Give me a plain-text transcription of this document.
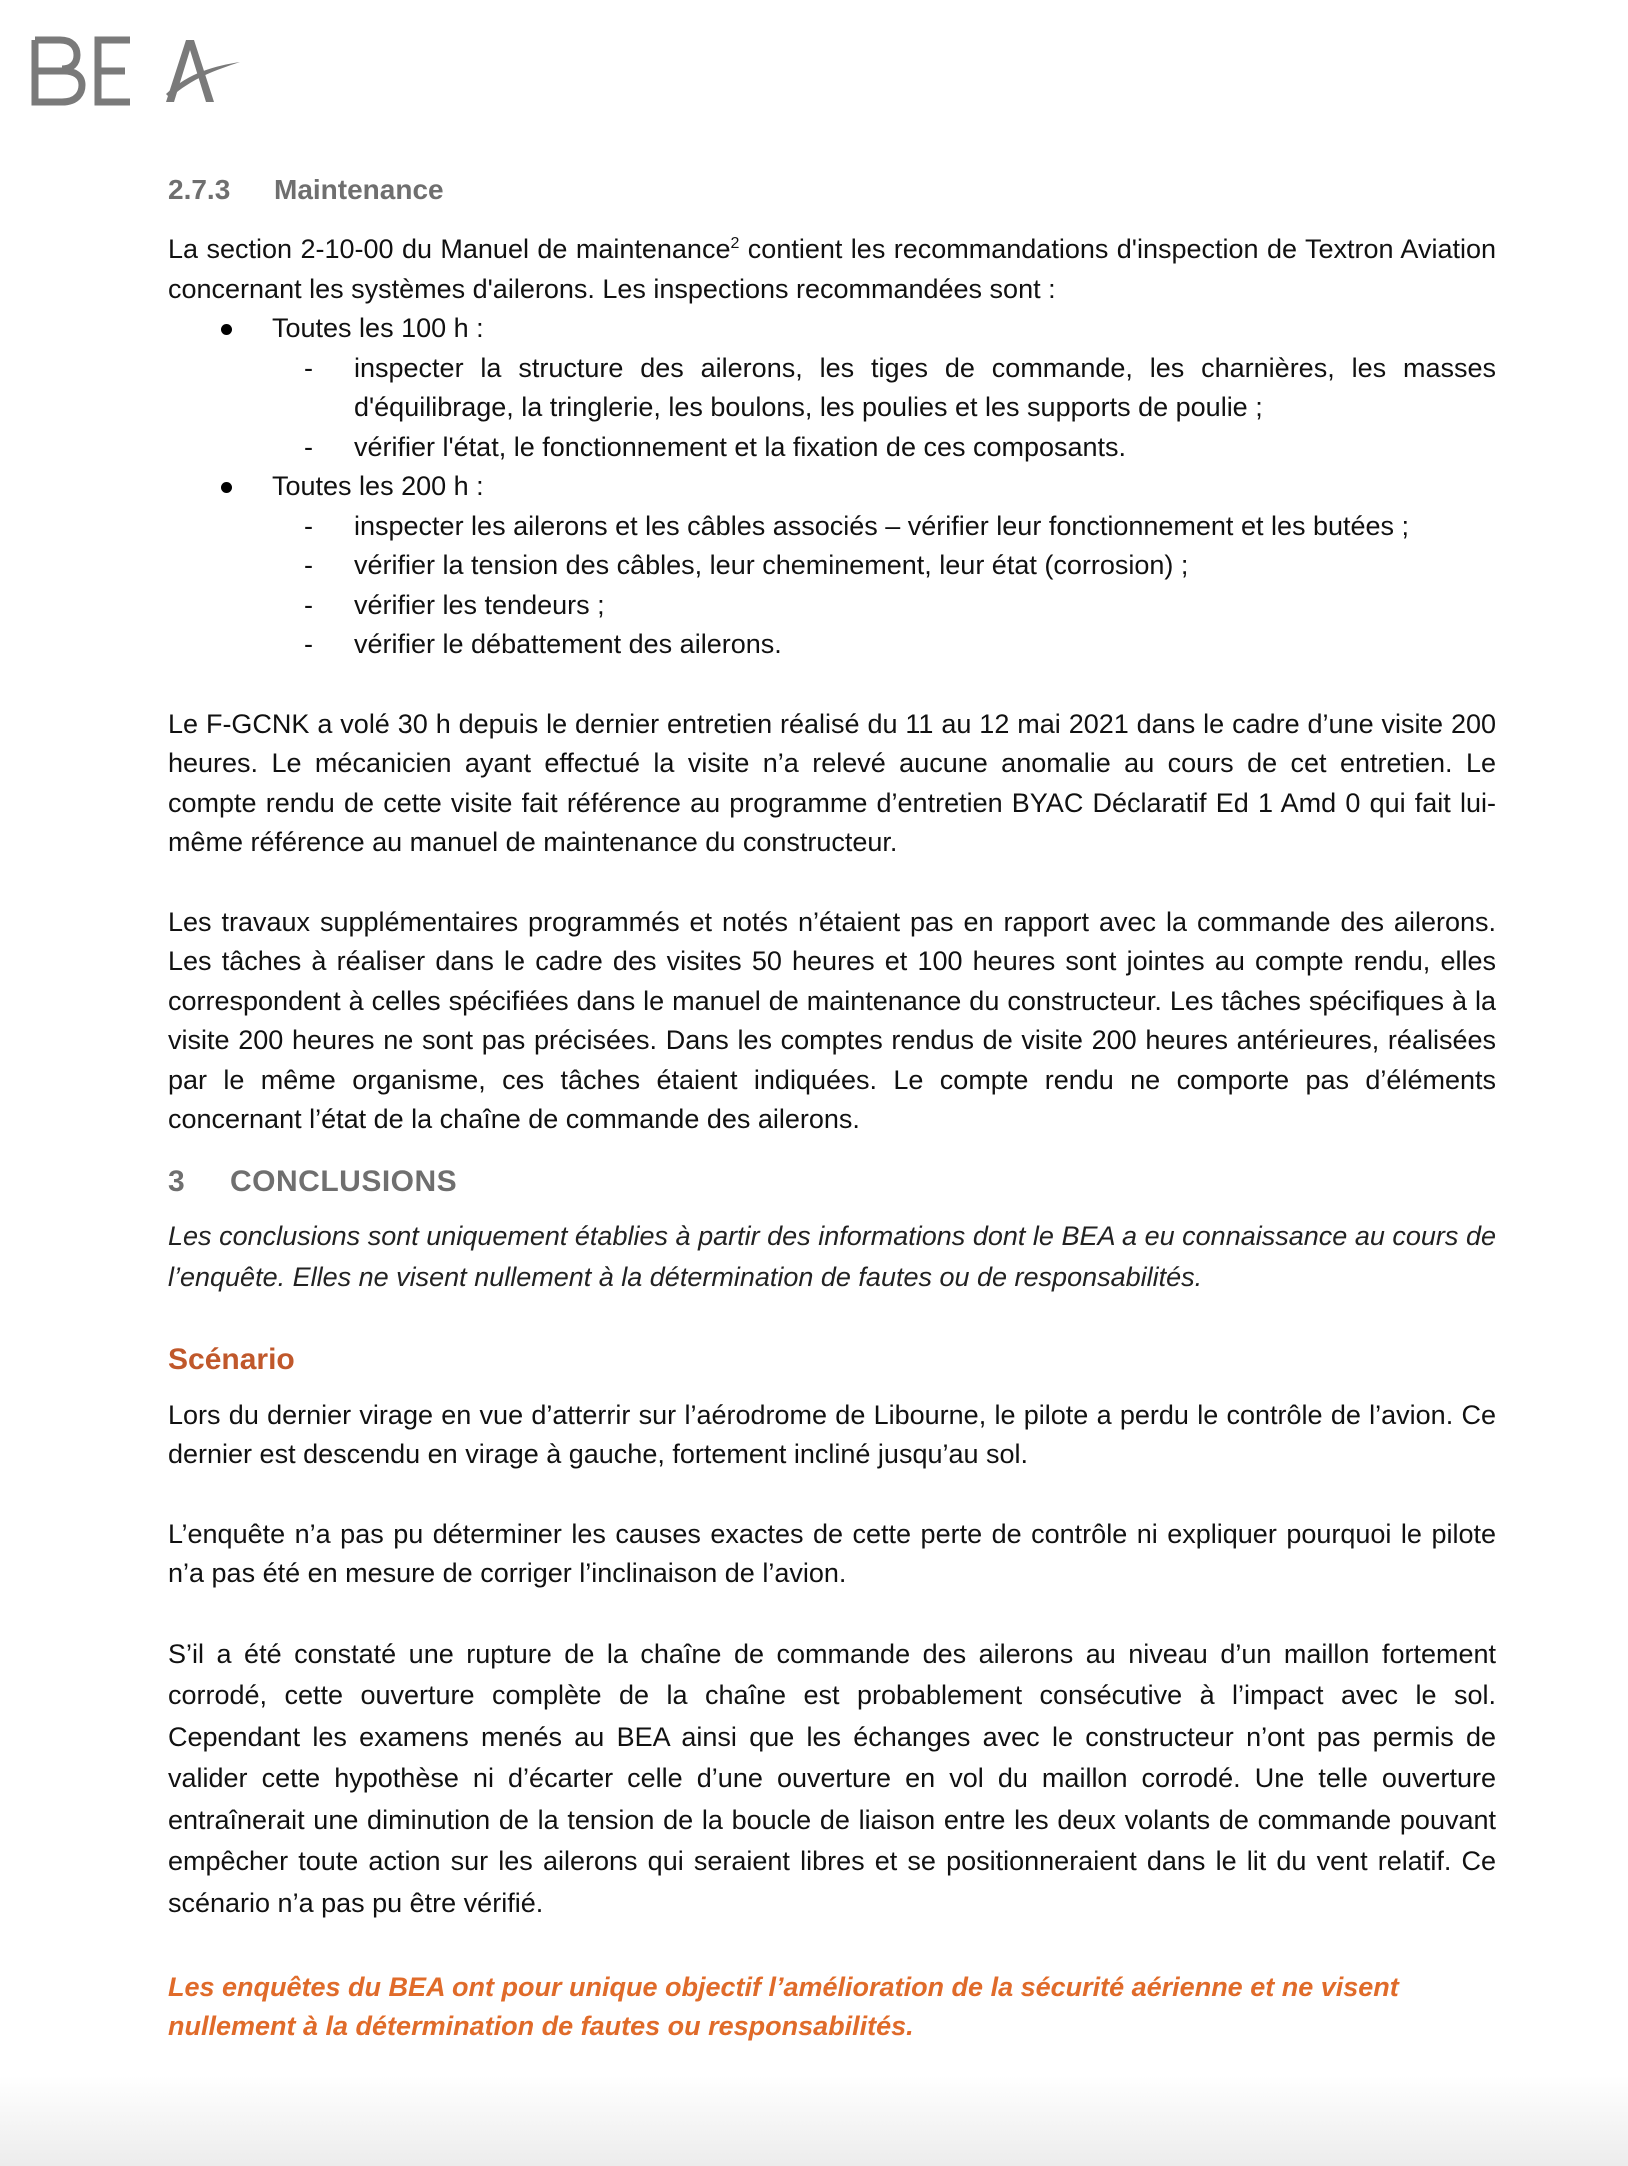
2.7.3	Maintenance

La section 2-10-00 du Manuel de maintenance$^2$ contient les recommandations d'inspection de Textron Aviation concernant les systèmes d'ailerons. Les inspections recommandées sont :

Toutes les 100 h :
- inspecter la structure des ailerons, les tiges de commande, les charnières, les masses d'équilibrage, la tringlerie, les boulons, les poulies et les supports de poulie ;
- vérifier l'état, le fonctionnement et la fixation de ces composants.
Toutes les 200 h :
- inspecter les ailerons et les câbles associés – vérifier leur fonctionnement et les butées ;
- vérifier la tension des câbles, leur cheminement, leur état (corrosion) ;
- vérifier les tendeurs ;
- vérifier le débattement des ailerons.

Le F-GCNK a volé 30 h depuis le dernier entretien réalisé du 11 au 12 mai 2021 dans le cadre d’une visite 200 heures. Le mécanicien ayant effectué la visite n’a relevé aucune anomalie au cours de cet entretien. Le compte rendu de cette visite fait référence au programme d’entretien BYAC Déclaratif Ed 1 Amd 0 qui fait lui-même référence au manuel de maintenance du constructeur.

Les travaux supplémentaires programmés et notés n’étaient pas en rapport avec la commande des ailerons. Les tâches à réaliser dans le cadre des visites 50 heures et 100 heures sont jointes au compte rendu, elles correspondent à celles spécifiées dans le manuel de maintenance du constructeur. Les tâches spécifiques à la visite 200 heures ne sont pas précisées. Dans les comptes rendus de visite 200 heures antérieures, réalisées par le même organisme, ces tâches étaient indiquées. Le compte rendu ne comporte pas d’éléments concernant l’état de la chaîne de commande des ailerons.

3	CONCLUSIONS

Les conclusions sont uniquement établies à partir des informations dont le BEA a eu connaissance au cours de l’enquête. Elles ne visent nullement à la détermination de fautes ou de responsabilités.

Scénario

Lors du dernier virage en vue d’atterrir sur l’aérodrome de Libourne, le pilote a perdu le contrôle de l’avion. Ce dernier est descendu en virage à gauche, fortement incliné jusqu’au sol.

L’enquête n’a pas pu déterminer les causes exactes de cette perte de contrôle ni expliquer pourquoi le pilote n’a pas été en mesure de corriger l’inclinaison de l’avion.

S’il a été constaté une rupture de la chaîne de commande des ailerons au niveau d’un maillon fortement corrodé, cette ouverture complète de la chaîne est probablement consécutive à l’impact avec le sol. Cependant les examens menés au BEA ainsi que les échanges avec le constructeur n’ont pas permis de valider cette hypothèse ni d’écarter celle d’une ouverture en vol du maillon corrodé. Une telle ouverture entraînerait une diminution de la tension de la boucle de liaison entre les deux volants de commande pouvant empêcher toute action sur les ailerons qui seraient libres et se positionneraient dans le lit du vent relatif. Ce scénario n’a pas pu être vérifié.

Les enquêtes du BEA ont pour unique objectif l’amélioration de la sécurité aérienne et ne visent nullement à la détermination de fautes ou responsabilités.
